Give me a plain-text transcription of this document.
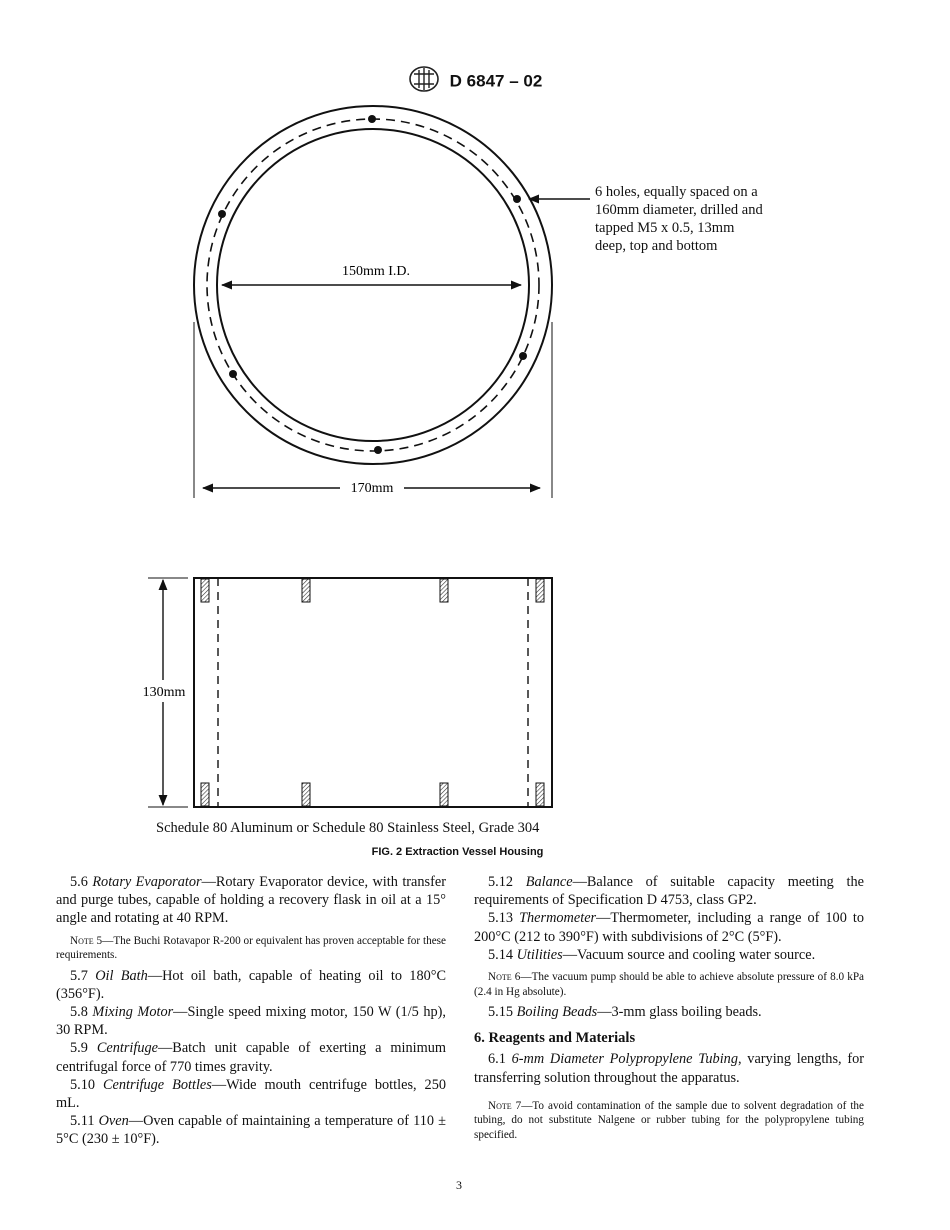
D 6847 – 02
6 holes, equally spaced on a 160mm diameter, drilled and tapped M5 x 0.5, 13mm deep, top and bottom
150mm I.D.
170mm
130mm
Schedule 80 Aluminum or Schedule 80 Stainless Steel, Grade 304
FIG. 2 Extraction Vessel Housing

5.6 Rotary Evaporator—Rotary Evaporator device, with transfer and purge tubes, capable of holding a recovery flask in oil at a 15° angle and rotating at 40 RPM.

Note 5—The Buchi Rotavapor R-200 or equivalent has proven acceptable for these requirements.

5.7 Oil Bath—Hot oil bath, capable of heating oil to 180°C (356°F).

5.8 Mixing Motor—Single speed mixing motor, 150 W (1/5 hp), 30 RPM.

5.9 Centrifuge—Batch unit capable of exerting a minimum centrifugal force of 770 times gravity.

5.10 Centrifuge Bottles—Wide mouth centrifuge bottles, 250 mL.

5.11 Oven—Oven capable of maintaining a temperature of 110 ± 5°C (230 ± 10°F).

5.12 Balance—Balance of suitable capacity meeting the requirements of Specification D 4753, class GP2.

5.13 Thermometer—Thermometer, including a range of 100 to 200°C (212 to 390°F) with subdivisions of 2°C (5°F).

5.14 Utilities—Vacuum source and cooling water source.

Note 6—The vacuum pump should be able to achieve absolute pressure of 8.0 kPa (2.4 in Hg absolute).

5.15 Boiling Beads—3-mm glass boiling beads.

6. Reagents and Materials

6.1 6-mm Diameter Polypropylene Tubing, varying lengths, for transferring solution throughout the apparatus.

Note 7—To avoid contamination of the sample due to solvent degradation of the tubing, do not substitute Nalgene or rubber tubing for the polypropylene tubing specified.

3
